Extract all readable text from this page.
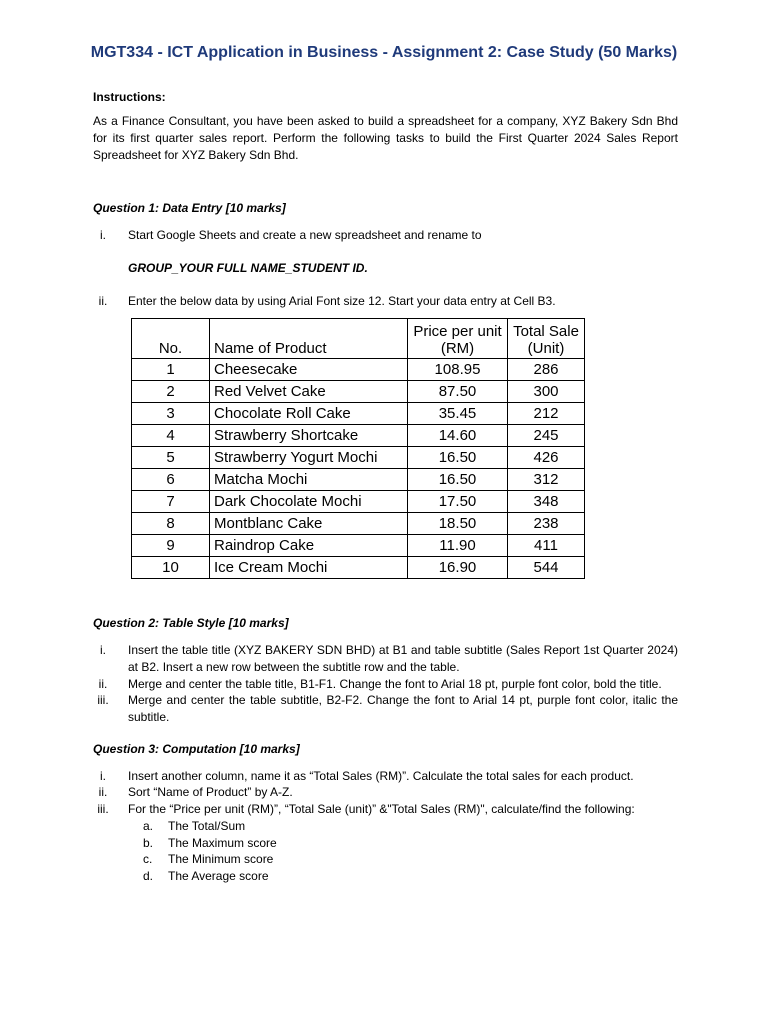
MGT334 - ICT Application in Business - Assignment 2: Case Study (50 Marks)
Instructions:
As a Finance Consultant, you have been asked to build a spreadsheet for a company, XYZ Bakery Sdn Bhd for its first quarter sales report. Perform the following tasks to build the First Quarter 2024 Sales Report Spreadsheet for XYZ Bakery Sdn Bhd.
Question 1: Data Entry [10 marks]
i.	Start Google Sheets and create a new spreadsheet and rename to
GROUP_YOUR FULL NAME_STUDENT ID.
ii.	Enter the below data by using Arial Font size 12. Start your data entry at Cell B3.
No.	Name of Product	Price per unit (RM)	Total Sale (Unit)
1	Cheesecake	108.95	286
2	Red Velvet Cake	87.50	300
3	Chocolate Roll Cake	35.45	212
4	Strawberry Shortcake	14.60	245
5	Strawberry Yogurt Mochi	16.50	426
6	Matcha Mochi	16.50	312
7	Dark Chocolate Mochi	17.50	348
8	Montblanc Cake	18.50	238
9	Raindrop Cake	11.90	411
10	Ice Cream Mochi	16.90	544
Question 2: Table Style [10 marks]
i.	Insert the table title (XYZ BAKERY SDN BHD) at B1 and table subtitle (Sales Report 1st Quarter 2024) at B2. Insert a new row between the subtitle row and the table.
ii.	Merge and center the table title, B1-F1. Change the font to Arial 18 pt, purple font color, bold the title.
iii.	Merge and center the table subtitle, B2-F2. Change the font to Arial 14 pt, purple font color, italic the subtitle.
Question 3: Computation [10 marks]
i.	Insert another column, name it as “Total Sales (RM)”. Calculate the total sales for each product.
ii.	Sort “Name of Product” by A-Z.
iii.	For the “Price per unit (RM)”, “Total Sale (unit)” &"Total Sales (RM)", calculate/find the following:
a. The Total/Sum
b. The Maximum score
c. The Minimum score
d. The Average score
